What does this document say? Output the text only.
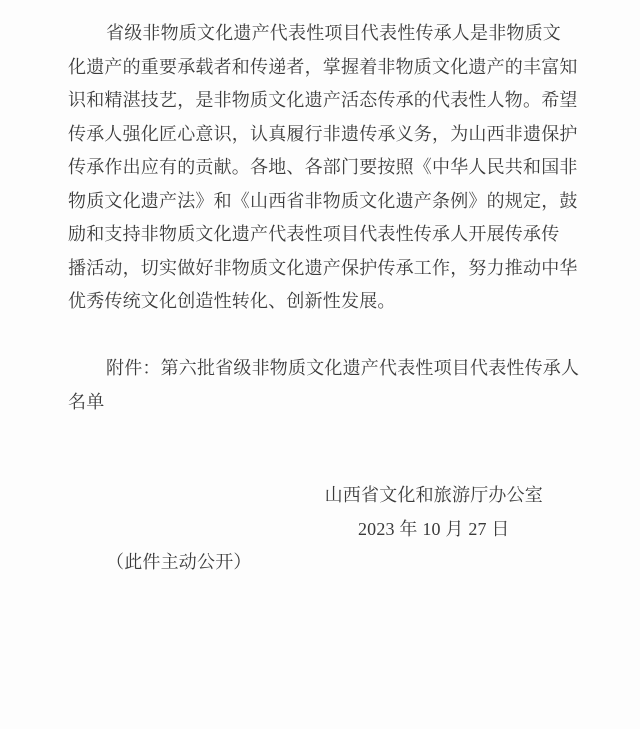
省级非物质文化遗产代表性项目代表性传承人是非物质文
化遗产的重要承载者和传递者，掌握着非物质文化遗产的丰富知
识和精湛技艺，是非物质文化遗产活态传承的代表性人物。希望
传承人强化匠心意识，认真履行非遗传承义务，为山西非遗保护
传承作出应有的贡献。各地、各部门要按照《中华人民共和国非
物质文化遗产法》和《山西省非物质文化遗产条例》的规定，鼓
励和支持非物质文化遗产代表性项目代表性传承人开展传承传
播活动，切实做好非物质文化遗产保护传承工作，努力推动中华
优秀传统文化创造性转化、创新性发展。
附件：第六批省级非物质文化遗产代表性项目代表性传承人
名单
山西省文化和旅游厅办公室
2023 年 10 月 27 日
（此件主动公开）
